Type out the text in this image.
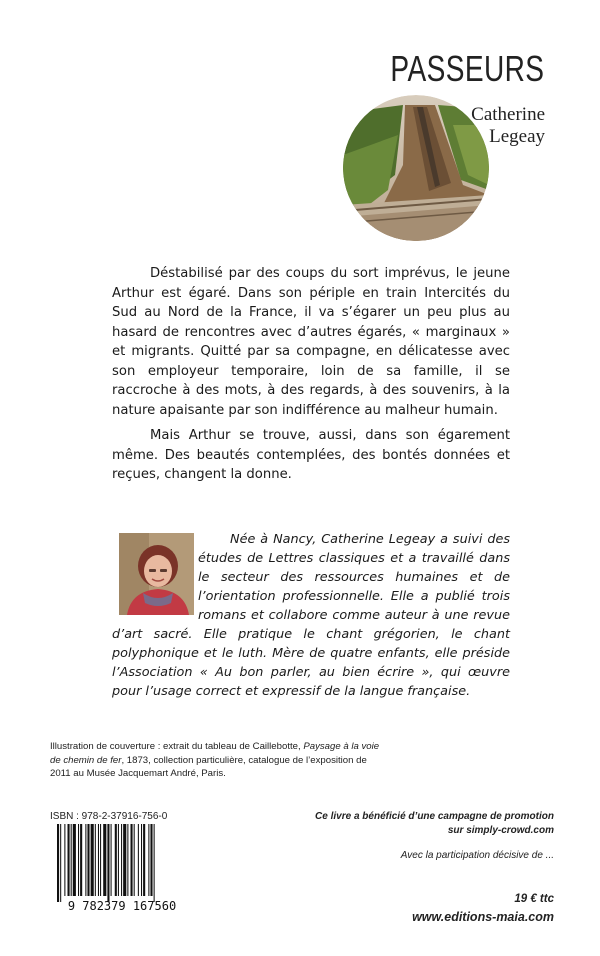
PASSEURS
Catherine
Legeay

Déstabilisé par des coups du sort imprévus, le jeune Arthur est égaré. Dans son périple en train Intercités du Sud au Nord de la France, il va s’égarer un peu plus au hasard de rencontres avec d’autres égarés, « marginaux » et migrants. Quitté par sa compagne, en délicatesse avec son employeur temporaire, loin de sa famille, il se raccroche à des mots, à des regards, à des souvenirs, à la nature apaisante par son indifférence au malheur humain.

Mais Arthur se trouve, aussi, dans son égarement même. Des beautés contemplées, des bontés données et reçues, changent la donne.

Née à Nancy, Catherine Legeay a suivi des études de Lettres classiques et a travaillé dans le secteur des ressources humaines et de l’orientation professionnelle. Elle a publié trois romans et collabore comme auteur à une revue d’art sacré. Elle pratique le chant grégorien, le chant polyphonique et le luth. Mère de quatre enfants, elle préside l’Association « Au bon parler, au bien écrire », qui œuvre pour l’usage correct et expressif de la langue française.

Illustration de couverture : extrait du tableau de Caillebotte, Paysage à la voie de chemin de fer, 1873, collection particulière, catalogue de l’exposition de 2011 au Musée Jacquemart André, Paris.
ISBN : 978-2-37916-756-0
9 782379 167560
Ce livre a bénéficié d’une campagne de promotion
sur simply-crowd.com
Avec la participation décisive de ...
19 € ttc
www.editions-maia.com
